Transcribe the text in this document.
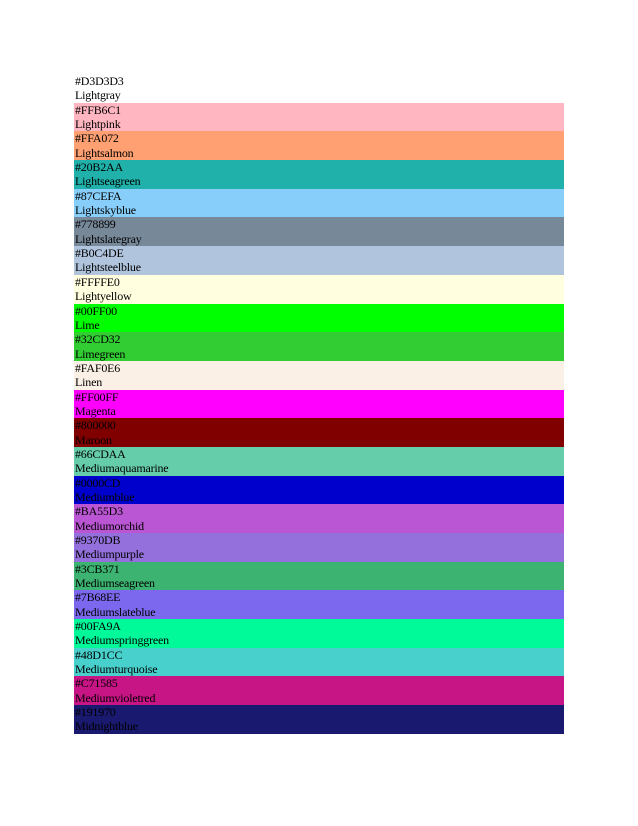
#D3D3D3
Lightgray
#FFB6C1
Lightpink
#FFA072
Lightsalmon
#20B2AA
Lightseagreen
#87CEFA
Lightskyblue
#778899
Lightslategray
#B0C4DE
Lightsteelblue
#FFFFE0
Lightyellow
#00FF00
Lime
#32CD32
Limegreen
#FAF0E6
Linen
#FF00FF
Magenta
#800000
Maroon
#66CDAA
Mediumaquamarine
#0000CD
Mediumblue
#BA55D3
Mediumorchid
#9370DB
Mediumpurple
#3CB371
Mediumseagreen
#7B68EE
Mediumslateblue
#00FA9A
Mediumspringgreen
#48D1CC
Mediumturquoise
#C71585
Mediumvioletred
#191970
Midnightblue
